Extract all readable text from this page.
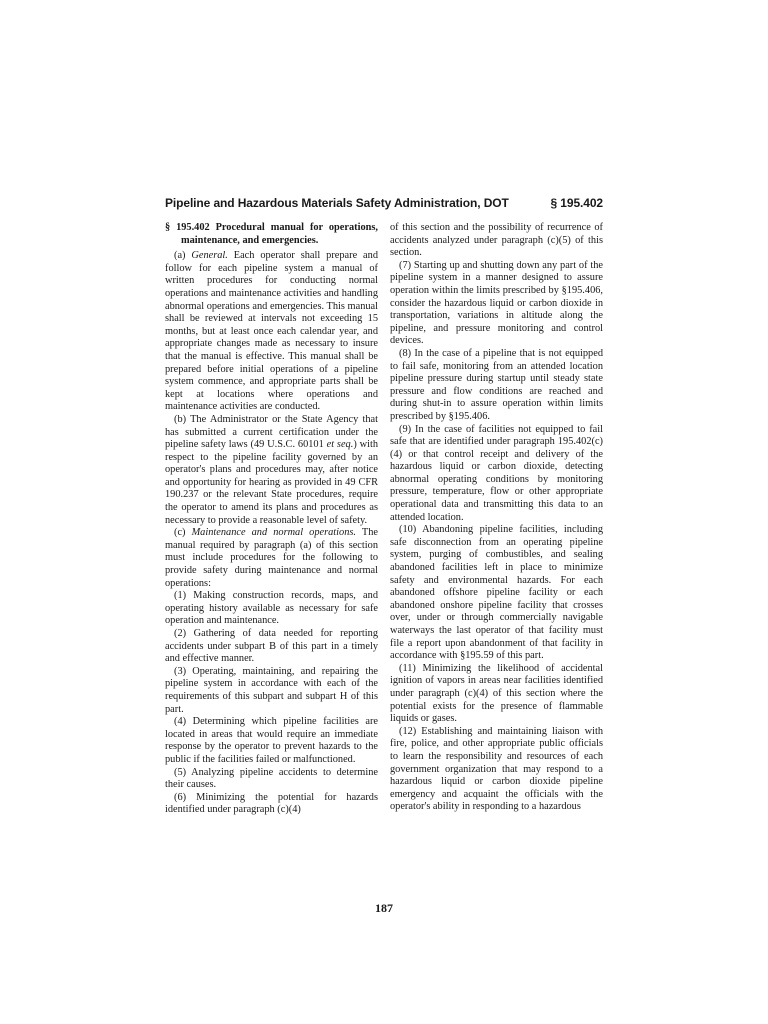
Pipeline and Hazardous Materials Safety Administration, DOT	§ 195.402

§ 195.402 Procedural manual for operations, maintenance, and emergencies.

(a) General. Each operator shall prepare and follow for each pipeline system a manual of written procedures for conducting normal operations and maintenance activities and handling abnormal operations and emergencies. This manual shall be reviewed at intervals not exceeding 15 months, but at least once each calendar year, and appropriate changes made as necessary to insure that the manual is effective. This manual shall be prepared before initial operations of a pipeline system commence, and appropriate parts shall be kept at locations where operations and maintenance activities are conducted.

(b) The Administrator or the State Agency that has submitted a current certification under the pipeline safety laws (49 U.S.C. 60101 et seq.) with respect to the pipeline facility governed by an operator's plans and procedures may, after notice and opportunity for hearing as provided in 49 CFR 190.237 or the relevant State procedures, require the operator to amend its plans and procedures as necessary to provide a reasonable level of safety.

(c) Maintenance and normal operations. The manual required by paragraph (a) of this section must include procedures for the following to provide safety during maintenance and normal operations:

(1) Making construction records, maps, and operating history available as necessary for safe operation and maintenance.

(2) Gathering of data needed for reporting accidents under subpart B of this part in a timely and effective manner.

(3) Operating, maintaining, and repairing the pipeline system in accordance with each of the requirements of this subpart and subpart H of this part.

(4) Determining which pipeline facilities are located in areas that would require an immediate response by the operator to prevent hazards to the public if the facilities failed or malfunctioned.

(5) Analyzing pipeline accidents to determine their causes.

(6) Minimizing the potential for hazards identified under paragraph (c)(4)

of this section and the possibility of recurrence of accidents analyzed under paragraph (c)(5) of this section.

(7) Starting up and shutting down any part of the pipeline system in a manner designed to assure operation within the limits prescribed by §195.406, consider the hazardous liquid or carbon dioxide in transportation, variations in altitude along the pipeline, and pressure monitoring and control devices.

(8) In the case of a pipeline that is not equipped to fail safe, monitoring from an attended location pipeline pressure during startup until steady state pressure and flow conditions are reached and during shut-in to assure operation within limits prescribed by §195.406.

(9) In the case of facilities not equipped to fail safe that are identified under paragraph 195.402(c)(4) or that control receipt and delivery of the hazardous liquid or carbon dioxide, detecting abnormal operating conditions by monitoring pressure, temperature, flow or other appropriate operational data and transmitting this data to an attended location.

(10) Abandoning pipeline facilities, including safe disconnection from an operating pipeline system, purging of combustibles, and sealing abandoned facilities left in place to minimize safety and environmental hazards. For each abandoned offshore pipeline facility or each abandoned onshore pipeline facility that crosses over, under or through commercially navigable waterways the last operator of that facility must file a report upon abandonment of that facility in accordance with §195.59 of this part.

(11) Minimizing the likelihood of accidental ignition of vapors in areas near facilities identified under paragraph (c)(4) of this section where the potential exists for the presence of flammable liquids or gases.

(12) Establishing and maintaining liaison with fire, police, and other appropriate public officials to learn the responsibility and resources of each government organization that may respond to a hazardous liquid or carbon dioxide pipeline emergency and acquaint the officials with the operator's ability in responding to a hazardous

187
